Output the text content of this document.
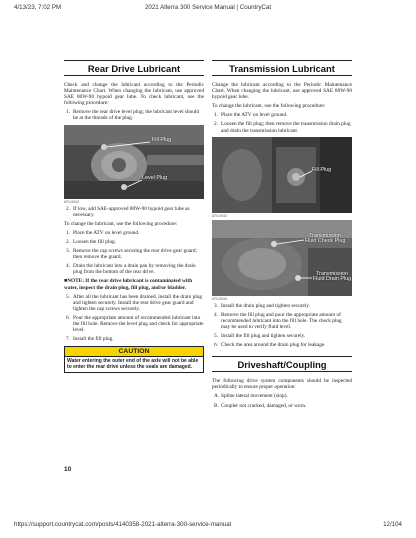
4/13/23, 7:02 PM	2021 Alterra 300 Service Manual | CountryCat
Rear Drive Lubricant

Check and change the lubricant according to the Periodic Maintenance Chart. When changing the lubricant, use approved SAE 80W-90 hypoid gear lube. To check lubricant, use the following procedure:

1. Remove the rear drive level plug; the lubricant level should be at the threads of the plug.
Fill Plug
Level Plug
ATV-0042
2. If low, add SAE-approved 80W-90 hypoid gear lube as necessary.

To change the lubricant, use the following procedure:

1. Place the ATV on level ground.
2. Loosen the fill plug.
3. Remove the cap screws securing the rear drive gear guard; then remove the guard.
4. Drain the lubricant into a drain pan by removing the drain plug from the bottom of the rear drive.
■NOTE: If the rear drive lubricant is contaminated with water, inspect the drain plug, fill plug, and/or bladder.
5. After all the lubricant has been drained, install the drain plug and tighten securely. Install the rear drive gear guard and tighten the cap screws securely.
6. Pour the appropriate amount of recommended lubricant into the fill hole. Remove the level plug and check for appropriate level.
7. Install the fill plug.
CAUTION
Water entering the outer end of the axle will not be able to enter the rear drive unless the seals are damaged.
Transmission Lubricant

Change the lubricant according to the Periodic Maintenance Chart. When changing the lubricant, use approved SAE 80W-90 hypoid gear lube.

To change the lubricant, use the following procedure:

1. Place the ATV on level ground.
2. Loosen the fill plug; then remove the transmission drain plug and drain the transmission lubricant.
Fill Plug
ATV-0043
Transmission Fluid Check Plug
Transmission Fluid Drain Plug
ATV-0044
3. Install the drain plug and tighten securely.
4. Remove the fill plug and pour the appropriate amount of recommended lubricant into the fill hole. The check plug may be used to verify fluid level.
5. Install the fill plug and tighten securely.
6. Check the area around the drain plug for leakage.
Driveshaft/Coupling

The following drive system components should be inspected periodically to ensure proper operation:

A. Spline lateral movement (slop).
B. Coupler not cracked, damaged, or worn.
10
https://support.countrycat.com/posts/4140358-2021-alterra-300-service-manual	12/104
